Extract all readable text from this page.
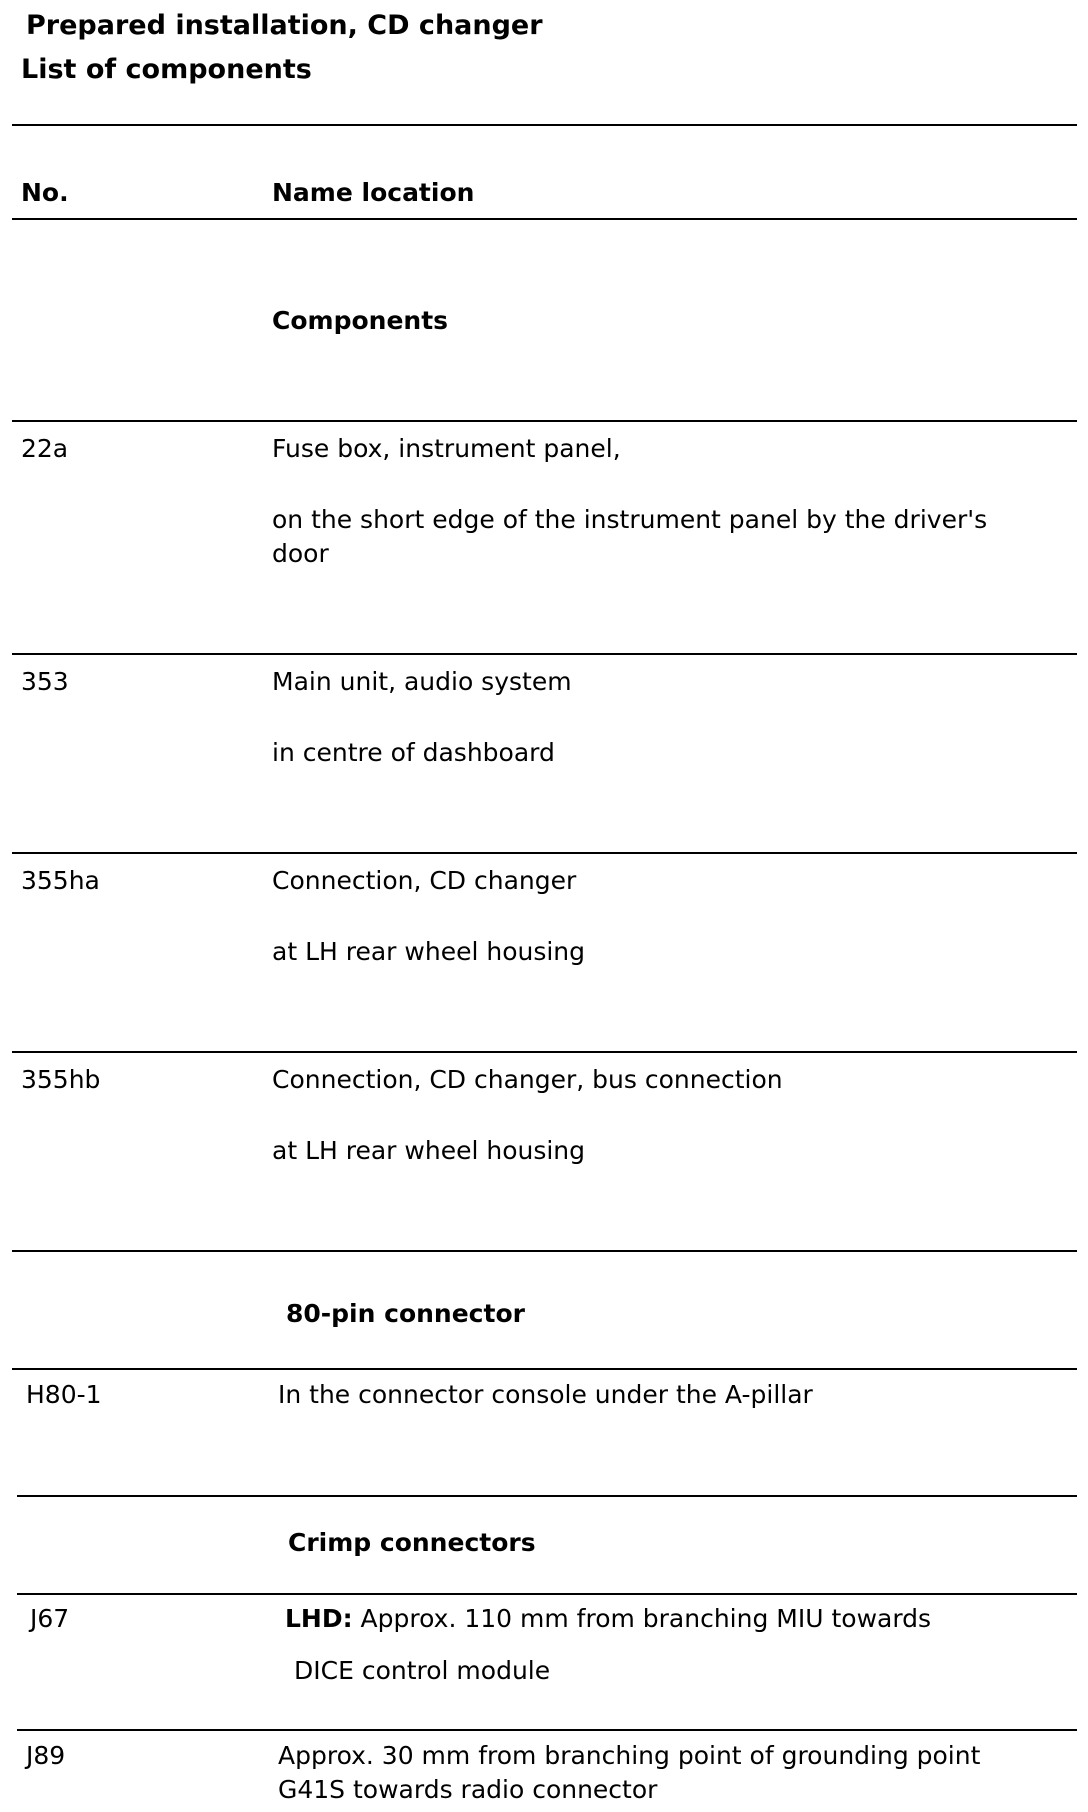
Prepared installation, CD changer

List of components

No.	Name location

Components

22a	Fuse box, instrument panel,

on the short edge of the instrument panel by the driver's

door

353	Main unit, audio system

in centre of dashboard

355ha	Connection, CD changer

at LH rear wheel housing

355hb	Connection, CD changer, bus connection

at LH rear wheel housing

80-pin connector

H80-1	In the connector console under the A-pillar

Crimp connectors

J67	LHD: Approx. 110 mm from branching MIU towards

DICE control module

J89	Approx. 30 mm from branching point of grounding point

G41S towards radio connector
